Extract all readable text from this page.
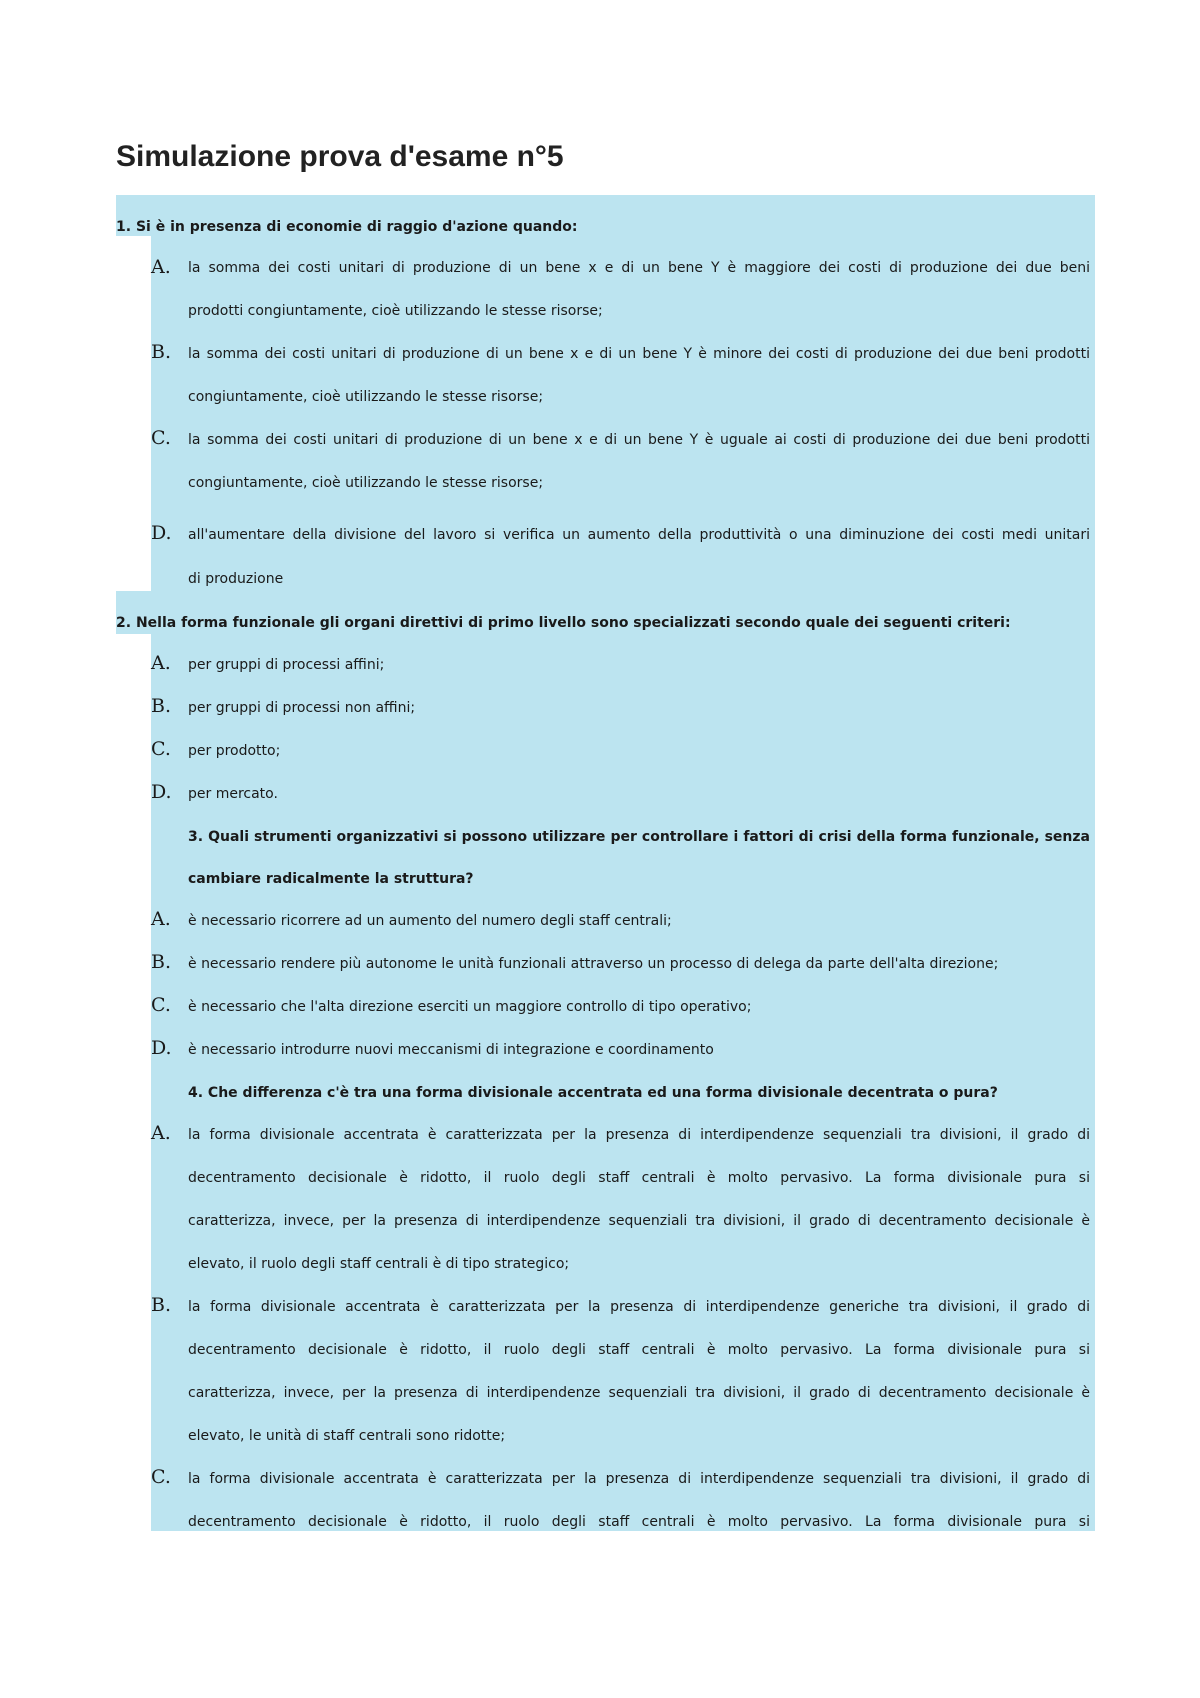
Simulazione prova d'esame n°5
1. Si è in presenza di economie di raggio d'azione quando:
A. la somma dei costi unitari di produzione di un bene x e di un bene Y è maggiore dei costi di produzione dei due beni
prodotti congiuntamente, cioè utilizzando le stesse risorse;
B. la somma dei costi unitari di produzione di un bene x e di un bene Y è minore dei costi di produzione dei due beni prodotti
congiuntamente, cioè utilizzando le stesse risorse;
C. la somma dei costi unitari di produzione di un bene x e di un bene Y è uguale ai costi di produzione dei due beni prodotti
congiuntamente, cioè utilizzando le stesse risorse;
D. all'aumentare della divisione del lavoro si verifica un aumento della produttività o una diminuzione dei costi medi unitari
di produzione
2. Nella forma funzionale gli organi direttivi di primo livello sono specializzati secondo quale dei seguenti criteri:
A. per gruppi di processi affini;
B. per gruppi di processi non affini;
C. per prodotto;
D. per mercato.
3. Quali strumenti organizzativi si possono utilizzare per controllare i fattori di crisi della forma funzionale, senza
cambiare radicalmente la struttura?
A. è necessario ricorrere ad un aumento del numero degli staff centrali;
B. è necessario rendere più autonome le unità funzionali attraverso un processo di delega da parte dell'alta direzione;
C. è necessario che l'alta direzione eserciti un maggiore controllo di tipo operativo;
D. è necessario introdurre nuovi meccanismi di integrazione e coordinamento
4. Che differenza c'è tra una forma divisionale accentrata ed una forma divisionale decentrata o pura?
A. la forma divisionale accentrata è caratterizzata per la presenza di interdipendenze sequenziali tra divisioni, il grado di
decentramento decisionale è ridotto, il ruolo degli staff centrali è molto pervasivo. La forma divisionale pura si
caratterizza, invece, per la presenza di interdipendenze sequenziali tra divisioni, il grado di decentramento decisionale è
elevato, il ruolo degli staff centrali è di tipo strategico;
B. la forma divisionale accentrata è caratterizzata per la presenza di interdipendenze generiche tra divisioni, il grado di
decentramento decisionale è ridotto, il ruolo degli staff centrali è molto pervasivo. La forma divisionale pura si
caratterizza, invece, per la presenza di interdipendenze sequenziali tra divisioni, il grado di decentramento decisionale è
elevato, le unità di staff centrali sono ridotte;
C. la forma divisionale accentrata è caratterizzata per la presenza di interdipendenze sequenziali tra divisioni, il grado di
decentramento decisionale è ridotto, il ruolo degli staff centrali è molto pervasivo. La forma divisionale pura si
